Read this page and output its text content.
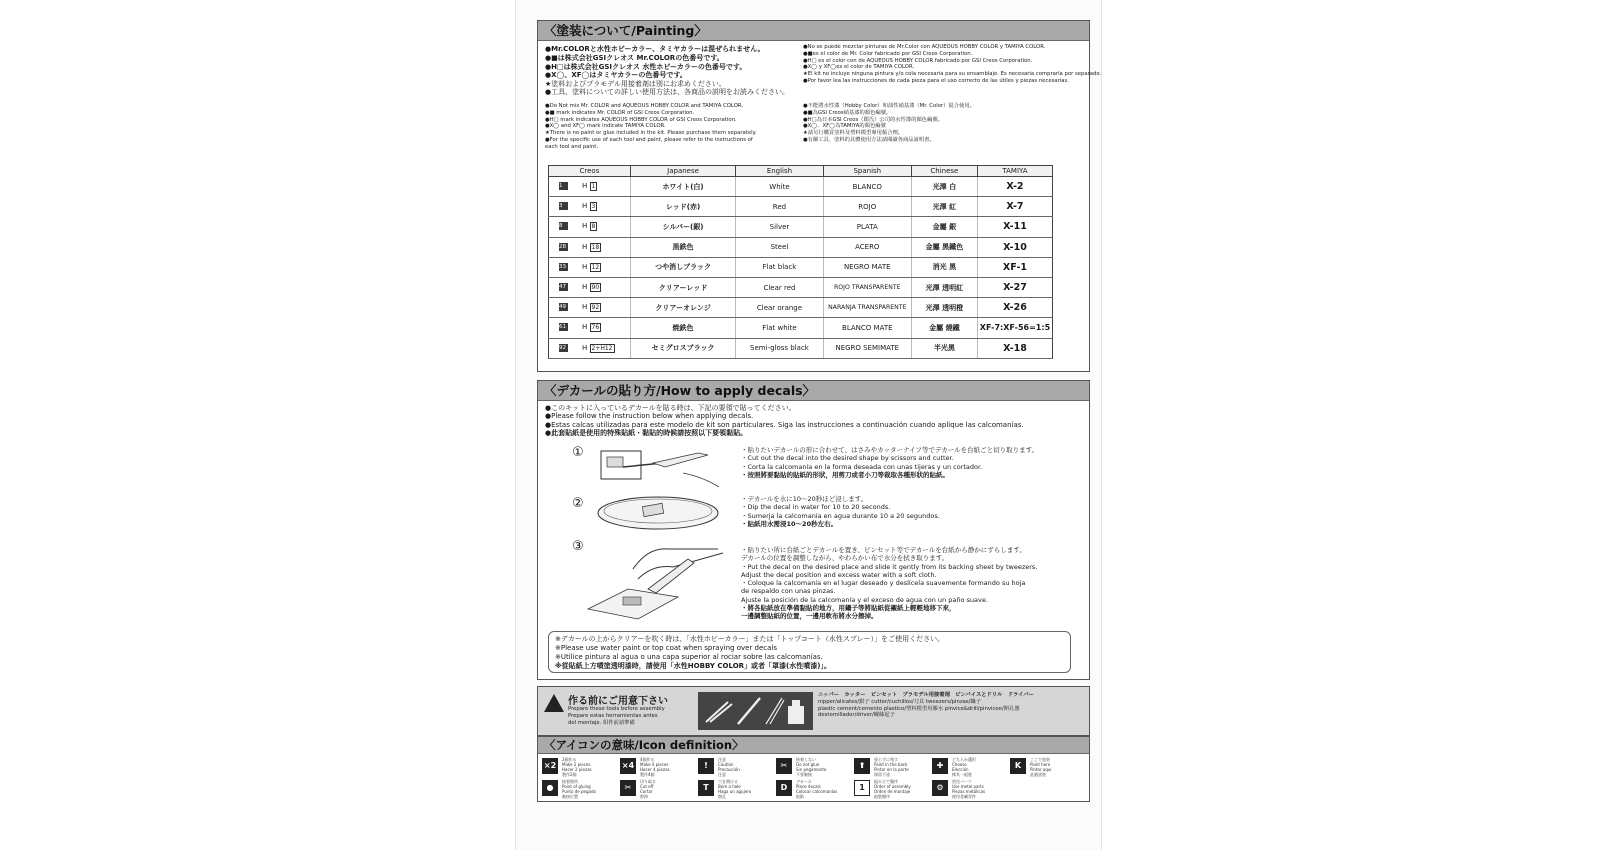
〈塗装について/Painting〉
●Mr.COLORと水性ホビーカラー、タミヤカラーは混ぜられません。
●■は株式会社GSIクレオス Mr.COLORの色番号です。
●H□は株式会社GSIクレオス 水性ホビーカラーの色番号です。
●X◯、XF◯はタミヤカラーの色番号です。
★塗料およびプラモデル用接着剤は別にお求めください。
●工具、塗料についての詳しい使用方法は、各商品の説明をお読みください。
●Do Not mix Mr. COLOR and AQUEOUS HOBBY COLOR and TAMIYA COLOR.
●■ mark indicates Mr. COLOR of GSI Creos Corporation.
●H□ mark indicates AQUEOUS HOBBY COLOR of GSI Creos Corporation.
●X◯ and XF◯ mark indicate TAMIYA COLOR.
★There is no paint or glue included in the kit. Please purchase them separately.
●For the specific use of each tool and paint, please refer to the instructions of
each tool and paint.
●No se puede mezclar pinturas de Mr.Color con AQUEOUS HOBBY COLOR y TAMIYA COLOR.
●■es el color de Mr. Color fabricado por GSI Creos Corporation.
●H□ es el color con de AQUEOUS HOBBY COLOR fabricado por GSI Creos Corporation.
●X◯ y XF◯es el color de TAMIYA COLOR.
★El kit no incluye ninguna pintura y/o cola necesaria para su ensamblaje. Es necesaria comprarla por separado.
●Por favor lea las instrucciones de cada pieza para el uso correcto de las útiles y piezas necesarias.
●不能將水性漆（Hobby Color）和油性硝基漆（Mr. Color）混合使用。
●■為GSI Creos硝基漆的顏色編號。
●H□為日本GSI Creos（郡氏）公司的水性漆的顏色編號。
●X◯、XF◯為TAMIYA的顏色編號
★請另行購買塗料及塑料模型專用黏合劑。
●有關工具、塗料的具體使用方法請閱讀各商品說明書。
Creos	Japanese	English	Spanish	Chinese	TAMIYA
1 H 1	ホワイト(白)	White	BLANCO	光澤 白	X-2
3 H 3	レッド(赤)	Red	ROJO	光澤 紅	X-7
8 H 8	シルバー(銀)	Silver	PLATA	金屬 銀	X-11
28 H 18	黒鉄色	Steel	ACERO	金屬 黑鐵色	X-10
33 H 12	つや消しブラック	Flat black	NEGRO MATE	消光 黑	XF-1
47 H 90	クリアーレッド	Clear red	ROJO TRANSPARENTE	光澤 透明紅	X-27
49 H 92	クリアーオレンジ	Clear orange	NARANJA TRANSPARENTE	光澤 透明橙	X-26
61 H 76	焼鉄色	Flat white	BLANCO MATE	金屬 燒鐵	XF-7:XF-56=1:5
92 H 2+H12	セミグロスブラック	Semi-gloss black	NEGRO SEMIMATE	半光黑	X-18
〈デカールの貼り方/How to apply decals〉
●このキットに入っているデカールを貼る時は、下記の要領で貼ってください。
●Please follow the instruction below when applying decals.
●Estas calcas utilizadas para este modelo de kit son particulares. Siga las instrucciones a continuación cuando aplique las calcomanías.
●此套貼紙是使用的特殊貼紙・黏貼的時候請按照以下要領黏貼。
①	・貼りたいデカールの形に合わせて、はさみやカッターナイフ等でデカールを台紙ごと切り取ります。
・Cut out the decal into the desired shape by scissors and cutter.
・Corta la calcomanía en la forma deseada con unas tijeras y un cortador.
・按照將要黏貼的貼紙的形狀，用剪刀或者小刀等裁取各種形狀的貼紙。
②	・デカールを水に10～20秒ほど浸します。
・Dip the decal in water for 10 to 20 seconds.
・Sumerja la calcomanía en agua durante 10 a 20 segundos.
・貼紙用水需浸10～20秒左右。
③	・貼りたい所に台紙ごとデカールを置き、ピンセット等でデカールを台紙から静かにずらします。
デカールの位置を調整しながら、やわらかい布で水分を拭き取ります。
・Put the decal on the desired place and slide it gently from its backing sheet by tweezers.
Adjust the decal position and excess water with a soft cloth.
・Coloque la calcomanía en el lugar deseado y deslícela suavemente formando su hoja
de respaldo con unas pinzas.
Ajuste la posición de la calcomanía y el exceso de agua con un paño suave.
・將各貼紙放在準備黏貼的地方，用鑷子等將貼紙從襯紙上輕輕地移下來，
一邊調整貼紙的位置，一邊用軟布將水分擦掉。
※デカールの上からクリアーを吹く時は、「水性ホビーカラー」または「トップコート（水性スプレー）」をご使用ください。
※Please use water paint or top coat when spraying over decals
※Utilice pintura al agua o una capa superior al rociar sobre las calcomanías.
※從貼紙上方噴塗透明漆時，請使用「水性HOBBY COLOR」或者「罩漆(水性噴漆)」。
作る前にご用意下さい
Prepare these tools before assembly
Prepare estas herramientas antes
del montaje. 組件前請準備
ニッパー　カッター　ピンセット　プラモデル用接着剤　ピンバイスとドリル　ドライバー
nipper/alicates/鉗子 cutter/cuchillos/刀具 tweezers/pinzas/鑷子
plastic cement/cemento plastico/塑料模型用膠水 pinvice&drill/pinvicoe/開孔器
destornillador/driver/螺絲起子
〈アイコンの意味/Icon definition〉
×2
2個作る
Make 2 pieces
Hacer 2 piezas
製作2個
×4
4個作る
Make 4 pieces
Hacer 4 piezas
製作4個
!
注意
Caution
Precaución
注意
✂
接着しない
Do not glue
Sin pegamento
不要黏接
⬆
塗らずに残す
Paint in the back
Pintar en la parte
保留不塗
✚
どちらか選択
Choose
Elección
擇其一組裝
K
ここで塗装
Paint here
Pintar aquí
此處塗裝
●
接着箇所
Point of gluing
Punto de pegado
黏接位置
✂
切り取る
Cut off
Cortar
剪掉
T
穴を開ける
Bore a hole
Haga un agujero
開孔
D
デカール
Place decals
Colocar calcomanías
貼紙
1
組み立て順序
Order of assembly
Orden de montaje
組裝順序
⚙
別売パーツ
Use metal parts
Piezas metálicas
使用金屬零件
